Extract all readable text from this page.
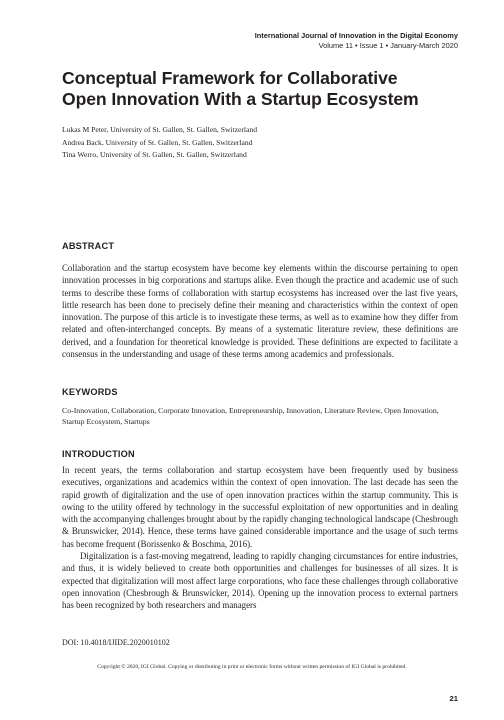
International Journal of Innovation in the Digital Economy
Volume 11 • Issue 1 • January-March 2020
Conceptual Framework for Collaborative
Open Innovation With a Startup Ecosystem
Lukas M Peter, University of St. Gallen, St. Gallen, Switzerland
Andrea Back, University of St. Gallen, St. Gallen, Switzerland
Tina Werro, University of St. Gallen, St. Gallen, Switzerland
ABSTRACT

Collaboration and the startup ecosystem have become key elements within the discourse pertaining to open innovation processes in big corporations and startups alike. Even though the practice and academic use of such terms to describe these forms of collaboration with startup ecosystems has increased over the last five years, little research has been done to precisely define their meaning and characteristics within the context of open innovation. The purpose of this article is to investigate these terms, as well as to examine how they differ from related and often-interchanged concepts. By means of a systematic literature review, these definitions are derived, and a foundation for theoretical knowledge is provided. These definitions are expected to facilitate a consensus in the understanding and usage of these terms among academics and professionals.

KEYWORDS
Co-Innovation, Collaboration, Corporate Innovation, Entrepreneurship, Innovation, Literature Review, Open Innovation, Startup Ecosystem, Startups
INTRODUCTION

In recent years, the terms collaboration and startup ecosystem have been frequently used by business executives, organizations and academics within the context of open innovation. The last decade has seen the rapid growth of digitalization and the use of open innovation practices within the startup community. This is owing to the utility offered by technology in the successful exploitation of new opportunities and in dealing with the accompanying challenges brought about by the rapidly changing technological landscape (Chesbrough & Brunswicker, 2014). Hence, these terms have gained considerable importance and the usage of such terms has become frequent (Borissenko & Boschma, 2016).

Digitalization is a fast-moving megatrend, leading to rapidly changing circumstances for entire industries, and thus, it is widely believed to create both opportunities and challenges for businesses of all sizes. It is expected that digitalization will most affect large corporations, who face these challenges through collaborative open innovation (Chesbrough & Brunswicker, 2014). Opening up the innovation process to external partners has been recognized by both researchers and managers

DOI: 10.4018/IJIDE.2020010102
Copyright © 2020, IGI Global. Copying or distributing in print or electronic forms without written permission of IGI Global is prohibited.
21
